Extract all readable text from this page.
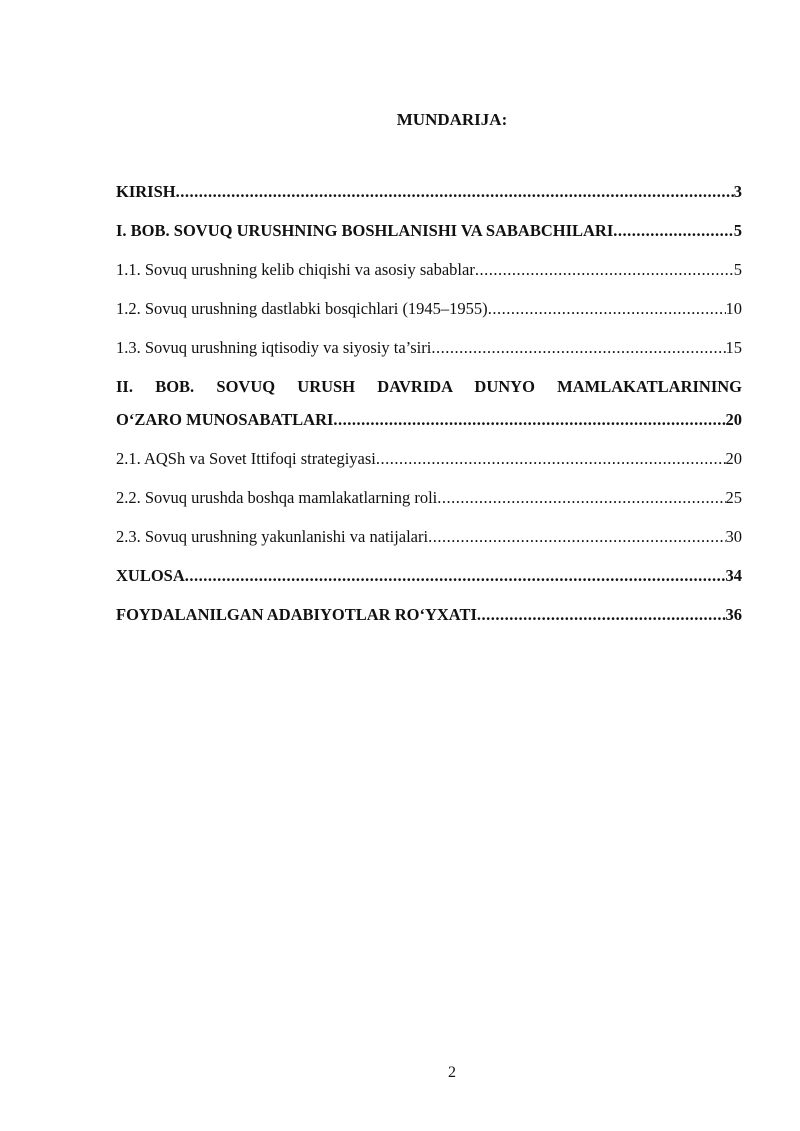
MUNDARIJA:
KIRISH .....	3
I. BOB. SOVUQ URUSHNING BOSHLANISHI VA SABABCHILARI .....	5
1.1. Sovuq urushning kelib chiqishi va asosiy sabablar .....	5
1.2. Sovuq urushning dastlabki bosqichlari (1945–1955) .....	10
1.3. Sovuq urushning iqtisodiy va siyosiy ta’siri .....	15
II. BOB. SOVUQ URUSH DAVRIDA DUNYO MAMLAKATLARINING
O‘ZARO MUNOSABATLARI .....	20
2.1. AQSh va Sovet Ittifoqi strategiyasi .....	20
2.2. Sovuq urushda boshqa mamlakatlarning roli .....	25
2.3. Sovuq urushning yakunlanishi va natijalari .....	30
XULOSA .....	34
FOYDALANILGAN ADABIYOTLAR RO‘YXATI .....	36
2
